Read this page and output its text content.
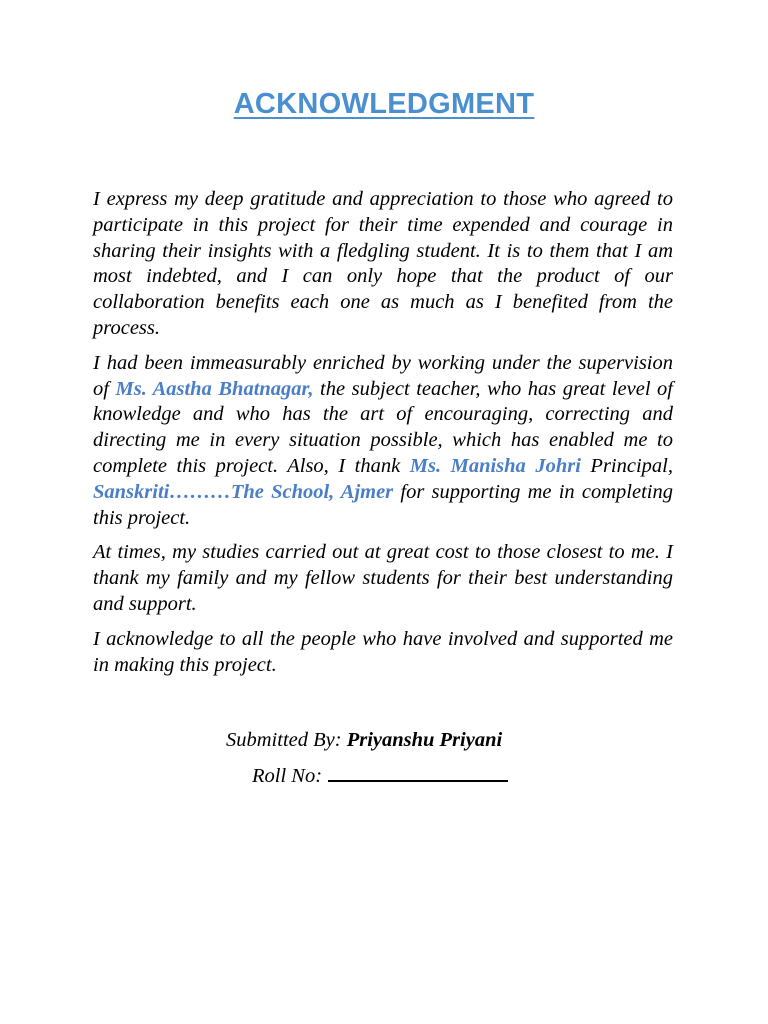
ACKNOWLEDGMENT

I express my deep gratitude and appreciation to those who agreed to participate in this project for their time expended and courage in sharing their insights with a fledgling student. It is to them that I am most indebted, and I can only hope that the product of our collaboration benefits each one as much as I benefited from the process.

I had been immeasurably enriched by working under the supervision of Ms. Aastha Bhatnagar, the subject teacher, who has great level of knowledge and who has the art of encouraging, correcting and directing me in every situation possible, which has enabled me to complete this project. Also, I thank Ms. Manisha Johri Principal, Sanskriti………The School, Ajmer for supporting me in completing this project.

At times, my studies carried out at great cost to those closest to me. I thank my family and my fellow students for their best understanding and support.

I acknowledge to all the people who have involved and supported me in making this project.

Submitted By: Priyanshu Priyani
Roll No:
